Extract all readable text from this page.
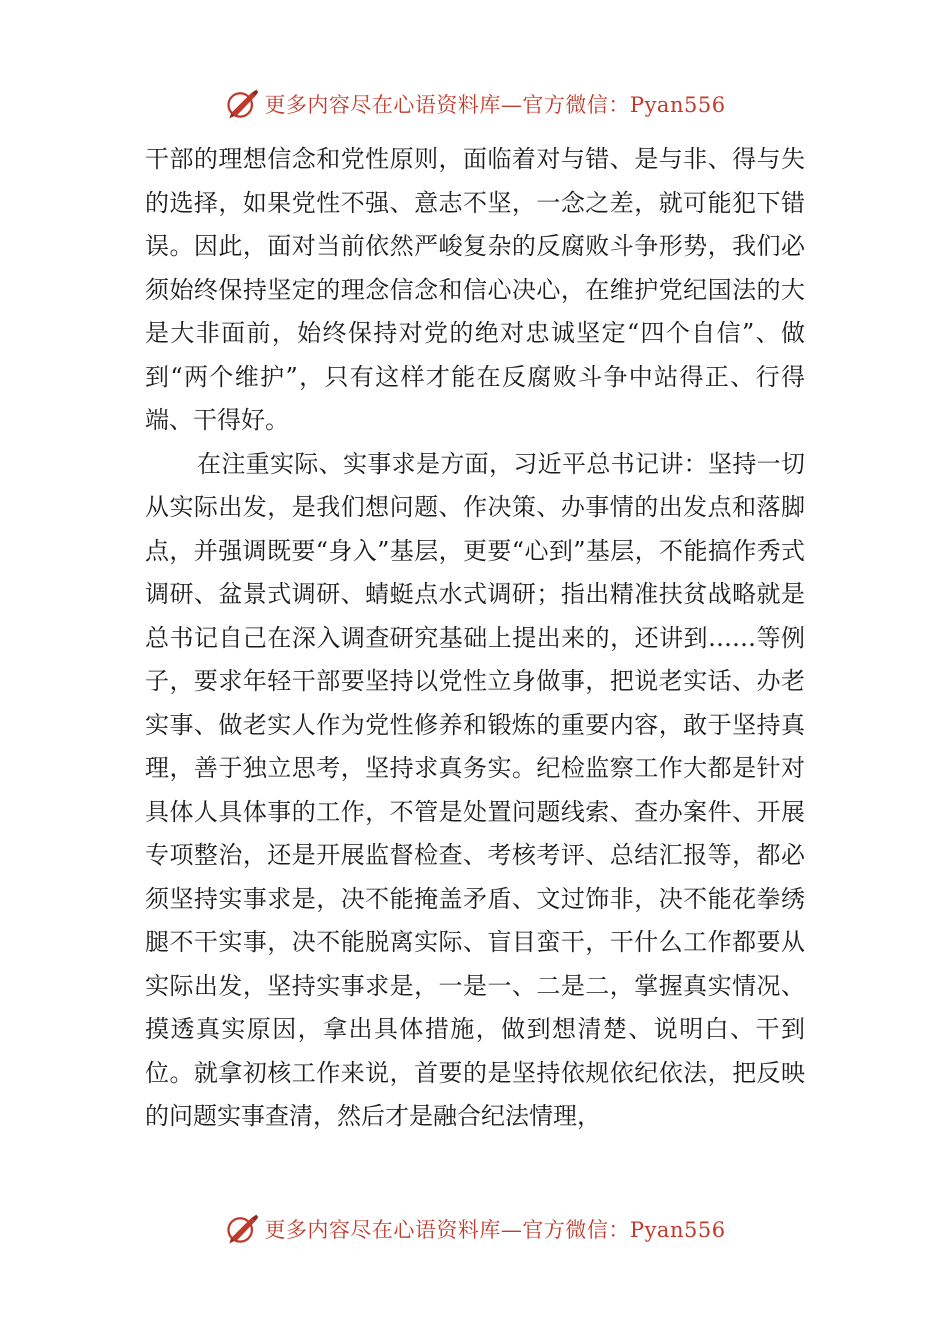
更多内容尽在心语资料库—官方微信：Pyan556

干部的理想信念和党性原则，面临着对与错、是与非、得与失的选择，如果党性不强、意志不坚，一念之差，就可能犯下错误。因此，面对当前依然严峻复杂的反腐败斗争形势，我们必须始终保持坚定的理念信念和信心决心，在维护党纪国法的大是大非面前，始终保持对党的绝对忠诚坚定“四个自信”、做到“两个维护”，只有这样才能在反腐败斗争中站得正、行得端、干得好。

在注重实际、实事求是方面，习近平总书记讲：坚持一切从实际出发，是我们想问题、作决策、办事情的出发点和落脚点，并强调既要“身入”基层，更要“心到”基层，不能搞作秀式调研、盆景式调研、蜻蜓点水式调研；指出精准扶贫战略就是总书记自己在深入调查研究基础上提出来的，还讲到……等例子，要求年轻干部要坚持以党性立身做事，把说老实话、办老实事、做老实人作为党性修养和锻炼的重要内容，敢于坚持真理，善于独立思考，坚持求真务实。纪检监察工作大都是针对具体人具体事的工作，不管是处置问题线索、查办案件、开展专项整治，还是开展监督检查、考核考评、总结汇报等，都必须坚持实事求是，决不能掩盖矛盾、文过饰非，决不能花拳绣腿不干实事，决不能脱离实际、盲目蛮干，干什么工作都要从实际出发，坚持实事求是，一是一、二是二，掌握真实情况、摸透真实原因，拿出具体措施，做到想清楚、说明白、干到位。就拿初核工作来说，首要的是坚持依规依纪依法，把反映的问题实事查清，然后才是融合纪法情理，

更多内容尽在心语资料库—官方微信：Pyan556
